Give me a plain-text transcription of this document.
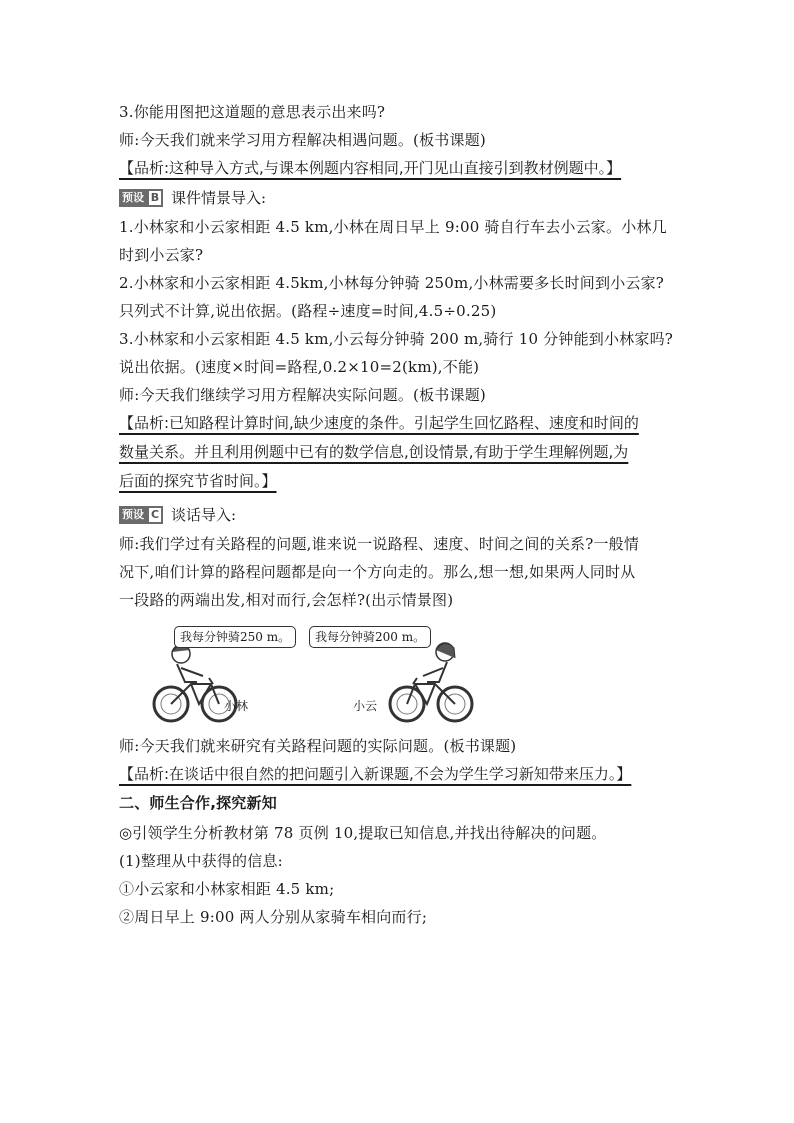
3.你能用图把这道题的意思表示出来吗?
师:今天我们就来学习用方程解决相遇问题。(板书课题)
【品析:这种导入方式,与课本例题内容相同,开门见山直接引到教材例题中。】
预设 B 课件情景导入:
1.小林家和小云家相距 4.5 km,小林在周日早上 9:00 骑自行车去小云家。小林几
时到小云家?
2.小林家和小云家相距 4.5km,小林每分钟骑 250m,小林需要多长时间到小云家?
只列式不计算,说出依据。(路程÷速度=时间,4.5÷0.25)
3.小林家和小云家相距 4.5 km,小云每分钟骑 200 m,骑行 10 分钟能到小林家吗?
说出依据。(速度×时间=路程,0.2×10=2(km),不能)
师:今天我们继续学习用方程解决实际问题。(板书课题)
【品析:已知路程计算时间,缺少速度的条件。引起学生回忆路程、速度和时间的
数量关系。并且利用例题中已有的数学信息,创设情景,有助于学生理解例题,为
后面的探究节省时间。】
预设 C 谈话导入:
师:我们学过有关路程的问题,谁来说一说路程、速度、时间之间的关系?一般情
况下,咱们计算的路程问题都是向一个方向走的。那么,想一想,如果两人同时从
一段路的两端出发,相对而行,会怎样?(出示情景图)
我每分钟骑250 m。
小林
我每分钟骑200 m。
小云
师:今天我们就来研究有关路程问题的实际问题。(板书课题)
【品析:在谈话中很自然的把问题引入新课题,不会为学生学习新知带来压力。】
二、师生合作,探究新知
◎引领学生分析教材第 78 页例 10,提取已知信息,并找出待解决的问题。
(1)整理从中获得的信息:
①小云家和小林家相距 4.5 km;
②周日早上 9:00 两人分别从家骑车相向而行;
